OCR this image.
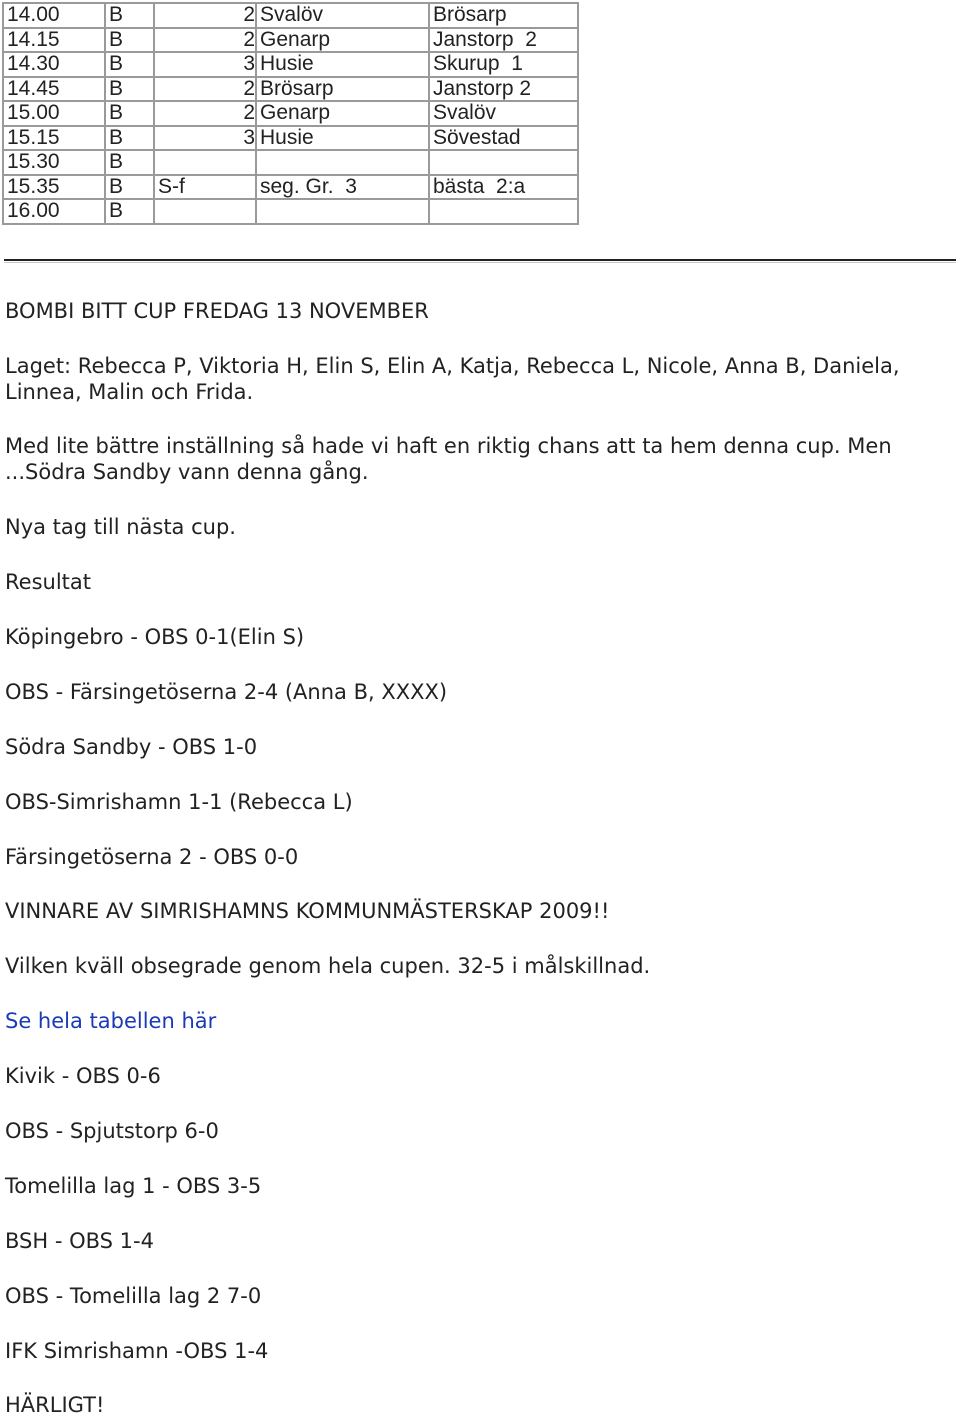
14.00	B	2	Svalöv	Brösarp
14.15	B	2	Genarp	Janstorp  2
14.30	B	3	Husie	Skurup  1
14.45	B	2	Brösarp	Janstorp 2
15.00	B	2	Genarp	Svalöv
15.15	B	3	Husie	Sövestad
15.30	B			
15.35	B	S-f	seg. Gr.  3	bästa  2:a
16.00	B			

BOMBI BITT CUP FREDAG 13 NOVEMBER

Laget: Rebecca P, Viktoria H, Elin S, Elin A, Katja, Rebecca L, Nicole, Anna B, Daniela,

Linnea, Malin och Frida.

Med lite bättre inställning så hade vi haft en riktig chans att ta hem denna cup. Men

...Södra Sandby vann denna gång.

Nya tag till nästa cup.

Resultat

Köpingebro - OBS 0-1(Elin S)

OBS - Färsingetöserna 2-4 (Anna B, XXXX)

Södra Sandby - OBS 1-0

OBS-Simrishamn 1-1 (Rebecca L)

Färsingetöserna 2 - OBS 0-0

VINNARE AV SIMRISHAMNS KOMMUNMÄSTERSKAP 2009!!

Vilken kväll obsegrade genom hela cupen. 32-5 i målskillnad.

Se hela tabellen här

Kivik - OBS 0-6

OBS - Spjutstorp 6-0

Tomelilla lag 1 - OBS 3-5

BSH - OBS 1-4

OBS - Tomelilla lag 2 7-0

IFK Simrishamn -OBS 1-4

HÄRLIGT!
